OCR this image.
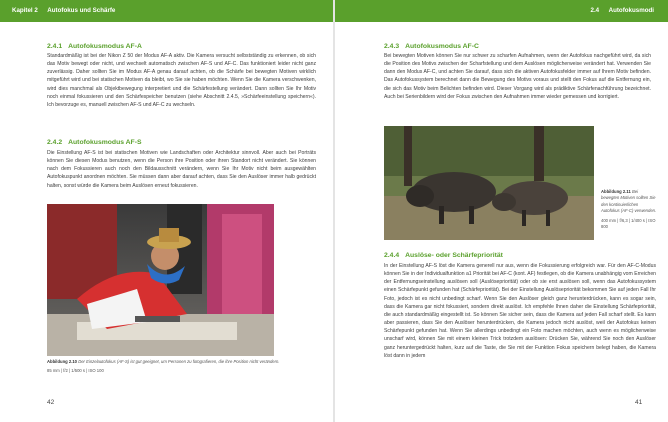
Kapitel 2 Autofokus und Schärfe
2.4.1 Autofokusmodus AF-A
Standardmäßig ist bei der Nikon Z 50 der Modus AF-A aktiv. Die Kamera versucht selbstständig zu erkennen, ob sich das Motiv bewegt oder nicht, und wechselt automatisch zwischen AF-S und AF-C. Das funktioniert leider nicht ganz zuverlässig. Daher sollten Sie im Modus AF-A genau darauf achten, ob die Schärfe bei bewegten Motiven wirklich mitgeführt wird und bei statischen Motiven da bleibt, wo Sie sie haben möchten. Wenn Sie die Kamera verschwenken, wird dies manchmal als Objektbewegung interpretiert und die Schärfestellung verändert. Dann sollten Sie Ihr Motiv noch einmal fokussieren und den Schärfespeicher benutzen (siehe Abschnitt 2.4.5, »Schärfeeinstellung speichern«). Ich bevorzuge es, manuell zwischen AF-S und AF-C zu wechseln.
2.4.2 Autofokusmodus AF-S
Die Einstellung AF-S ist bei statischen Motiven wie Landschaften oder Architektur sinnvoll. Aber auch bei Porträts können Sie diesen Modus benutzen, wenn die Person ihre Position oder ihren Standort nicht verändert. Sie können nach dem Fokussieren auch noch den Bildausschnitt verändern, wenn Sie Ihr Motiv nicht beim ausgewählten Autofokuspunkt anordnen möchten. Sie müssen dann aber darauf achten, dass Sie den Auslöser immer halb gedrückt halten, sonst würde die Kamera beim Auslösen erneut fokussieren.
Abbildung 2.10 Der Einzelautofokus (AF-S) ist gut geeignet, um Personen zu fotografieren, die ihre Position nicht verändern.
85 mm | f/2 | 1/500 s | ISO 100
42
2.4 Autofokusmodi
2.4.3 Autofokusmodus AF-C
Bei bewegten Motiven können Sie nur schwer zu scharfen Aufnahmen, wenn der Autofokus nachgeführt wird, da sich die Position des Motivs zwischen der Scharfstellung und dem Auslösen möglicherweise verändert hat. Verwenden Sie dann den Modus AF-C, und achten Sie darauf, dass sich die aktiven Autofokusfelder immer auf Ihrem Motiv befinden. Das Autofokussystem berechnet dann die Bewegung des Motivs voraus und stellt den Fokus auf die Entfernung ein, die sich das Motiv beim Belichten befinden wird. Dieser Vorgang wird als prädiktive Schärfenachführung bezeichnet. Auch bei Serienbildern wird der Fokus zwischen den Aufnahmen immer wieder gemessen und korrigiert.
Abbildung 2.11 Bei bewegten Motiven sollten Sie den kontinuierlichen Autofokus (AF-C) verwenden.
400 mm | f/6,3 | 1/400 s | ISO 800
2.4.4 Auslöse- oder Schärfepriorität
In der Einstellung AF-S löst die Kamera generell nur aus, wenn die Fokussierung erfolgreich war. Für den AF-C-Modus können Sie in der Individualfunktion a1 Priorität bei AF-C (kont. AF) festlegen, ob die Kamera unabhängig vom Erreichen der Entfernungseinstellung auslösen soll (Auslösepriorität) oder ob sie erst auslösen soll, wenn das Autofokussystem einen Schärfepunkt gefunden hat (Schärfepriorität). Bei der Einstellung Auslösepriorität bekommen Sie auf jeden Fall Ihr Foto, jedoch ist es nicht unbedingt scharf. Wenn Sie den Auslöser gleich ganz herunterdrücken, kann es sogar sein, dass die Kamera gar nicht fokussiert, sondern direkt auslöst. Ich empfehle Ihnen daher die Einstellung Schärfepriorität, die auch standardmäßig eingestellt ist. So können Sie sicher sein, dass die Kamera auf jeden Fall scharf stellt. Es kann aber passieren, dass Sie den Auslöser herunterdrücken, die Kamera jedoch nicht auslöst, weil der Autofokus keinen Schärfepunkt gefunden hat. Wenn Sie allerdings unbedingt ein Foto machen möchten, auch wenn es möglicherweise unscharf wird, können Sie mit einem kleinen Trick trotzdem auslösen: Drücken Sie, während Sie noch den Auslöser ganz heruntergedrückt halten, kurz auf die Taste, die Sie mit der Funktion Fokus speichern belegt haben, die Kamera löst dann in jedem
41
